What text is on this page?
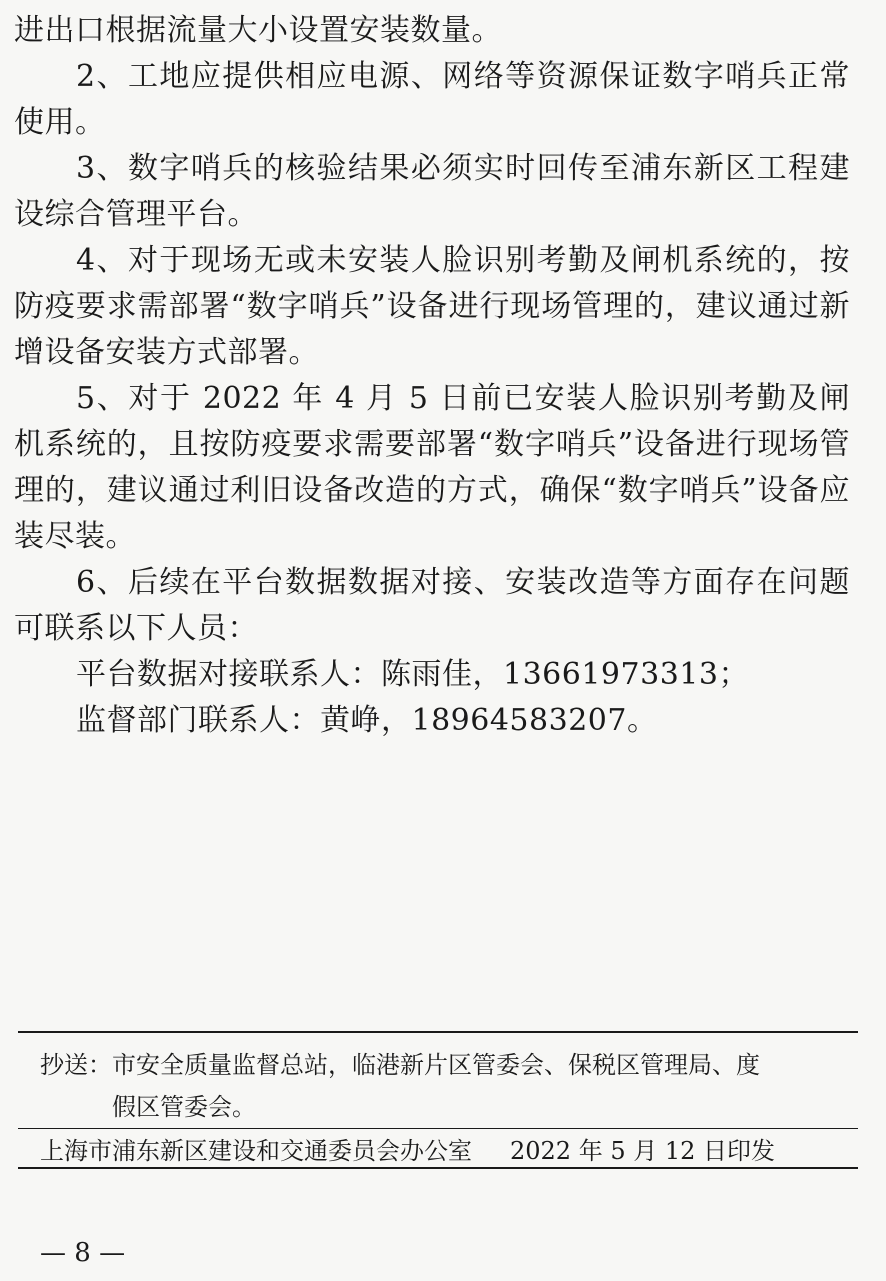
进出口根据流量大小设置安装数量。

2、工地应提供相应电源、网络等资源保证数字哨兵正常使用。

3、数字哨兵的核验结果必须实时回传至浦东新区工程建设综合管理平台。

4、对于现场无或未安装人脸识别考勤及闸机系统的，按防疫要求需部署“数字哨兵”设备进行现场管理的，建议通过新增设备安装方式部署。

5、对于 2022 年 4 月 5 日前已安装人脸识别考勤及闸机系统的，且按防疫要求需要部署“数字哨兵”设备进行现场管理的，建议通过利旧设备改造的方式，确保“数字哨兵”设备应装尽装。

6、后续在平台数据数据对接、安装改造等方面存在问题可联系以下人员：

平台数据对接联系人：陈雨佳，13661973313；

监督部门联系人：黄峥，18964583207。

抄送：市安全质量监督总站，临港新片区管委会、保税区管理局、度
假区管委会。
上海市浦东新区建设和交通委员会办公室 2022 年 5 月 12 日印发
— 8 —
